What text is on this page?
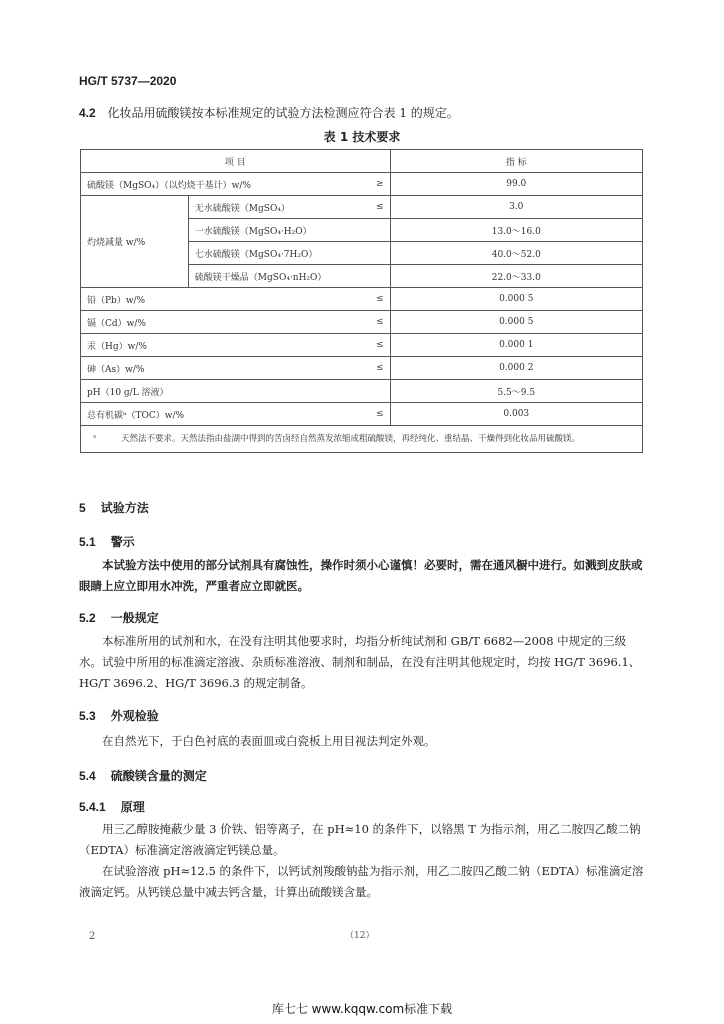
HG/T 5737—2020
4.2 化妆品用硫酸镁按本标准规定的试验方法检测应符合表 1 的规定。
表 1 技术要求
项 目			指 标
硫酸镁（MgSO₄）（以灼烧干基计）w/%		≥	99.0
灼烧减量 w/%	无水硫酸镁（MgSO₄）	≤	3.0
	一水硫酸镁（MgSO₄·H₂O）		13.0～16.0
	七水硫酸镁（MgSO₄·7H₂O）		40.0～52.0
	硫酸镁干燥品（MgSO₄·nH₂O）		22.0～33.0
铅（Pb）w/%		≤	0.000 5
镉（Cd）w/%		≤	0.000 5
汞（Hg）w/%		≤	0.000 1
砷（As）w/%		≤	0.000 2
pH（10 g/L 溶液）			5.5～9.5
总有机碳ᵃ（TOC）w/%		≤	0.003

ᵃ 天然法不要求。天然法指由盐湖中得到的苦卤经自然蒸发浓缩成粗硫酸镁，再经纯化、重结晶、干燥得到化妆品用硫酸镁。			
5 试验方法
5.1 警示
本试验方法中使用的部分试剂具有腐蚀性，操作时须小心谨慎！必要时，需在通风橱中进行。如溅到皮肤或眼睛上应立即用水冲洗，严重者应立即就医。
5.2 一般规定
本标准所用的试剂和水，在没有注明其他要求时，均指分析纯试剂和 GB/T 6682—2008 中规定的三级水。试验中所用的标准滴定溶液、杂质标准溶液、制剂和制品，在没有注明其他规定时，均按 HG/T 3696.1、HG/T 3696.2、HG/T 3696.3 的规定制备。
5.3 外观检验
在自然光下，于白色衬底的表面皿或白瓷板上用目视法判定外观。
5.4 硫酸镁含量的测定
5.4.1 原理
用三乙醇胺掩蔽少量 3 价铁、铝等离子，在 pH≈10 的条件下，以铬黑 T 为指示剂，用乙二胺四乙酸二钠（EDTA）标准滴定溶液滴定钙镁总量。
在试验溶液 pH≈12.5 的条件下，以钙试剂羧酸钠盐为指示剂，用乙二胺四乙酸二钠（EDTA）标准滴定溶液滴定钙。从钙镁总量中减去钙含量，计算出硫酸镁含量。
2	（12）
库七七 www.kqqw.com标准下载
